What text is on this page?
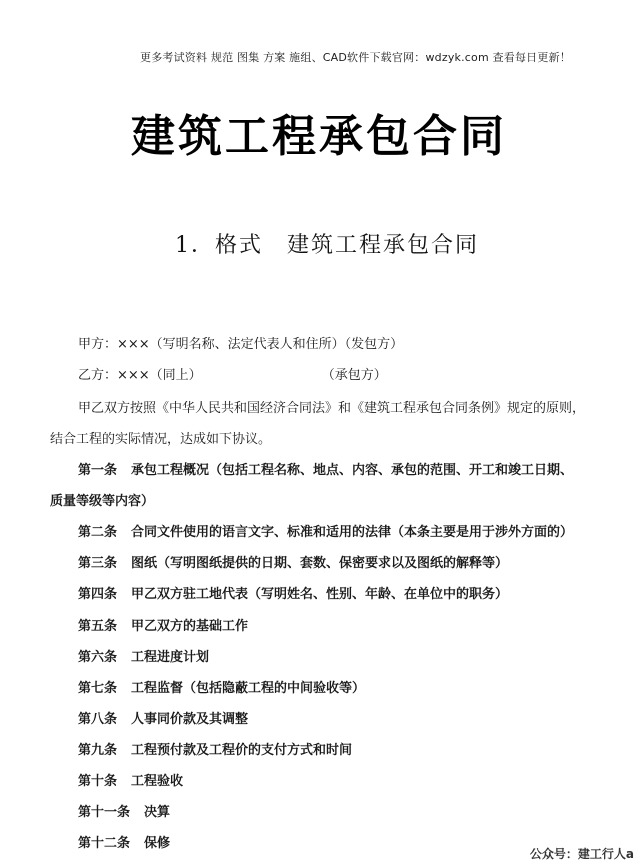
更多考试资料 规范 图集 方案 施组、CAD软件下载官网：wdzyk.com 查看每日更新！
建筑工程承包合同
1．格式　建筑工程承包合同
甲方：×××（写明名称、法定代表人和住所）（发包方）
乙方：×××（同上）	（承包方）
甲乙双方按照《中华人民共和国经济合同法》和《建筑工程承包合同条例》规定的原则，
结合工程的实际情况，达成如下协议。
第一条 承包工程概况（包括工程名称、地点、内容、承包的范围、开工和竣工日期、
质量等级等内容）
第二条 合同文件使用的语言文字、标准和适用的法律（本条主要是用于涉外方面的）
第三条 图纸（写明图纸提供的日期、套数、保密要求以及图纸的解释等）
第四条 甲乙双方驻工地代表（写明姓名、性别、年龄、在单位中的职务）
第五条 甲乙双方的基础工作
第六条 工程进度计划
第七条 工程监督（包括隐蔽工程的中间验收等）
第八条 人事同价款及其调整
第九条 工程预付款及工程价的支付方式和时间
第十条 工程验收
第十一条 决算
第十二条 保修
公众号：建工行人a
